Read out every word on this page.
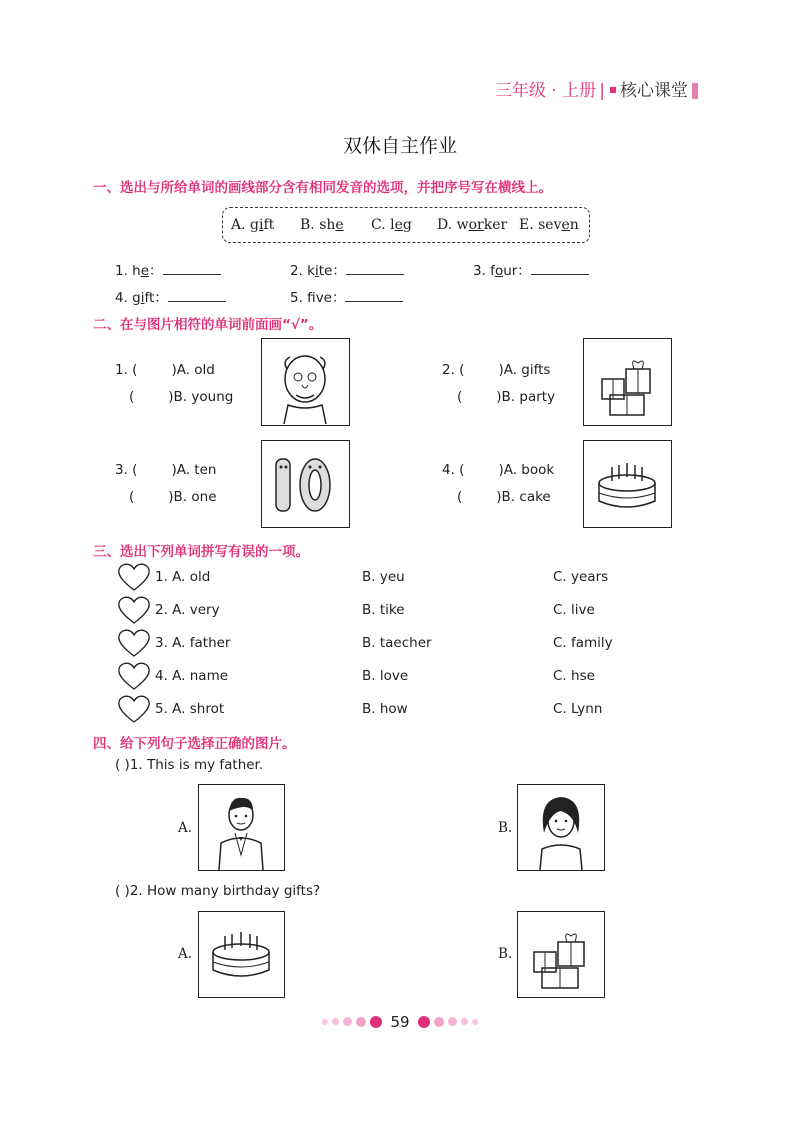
三年级 · 上册 | 核心课堂
双休自主作业
一、选出与所给单词的画线部分含有相同发音的选项，并把序号写在横线上。
A. gift B. she C. leg D. worker E. seven
1. he：	2. kite：	3. four：
4. gift：	5. fve：
二、在与图片相符的单词前面画“√”。
1. (	)A. old
(	)B. young
2. (	)A. gifts
(	)B. party
3. (	)A. ten
(	)B. one
4. (	)A. book
(	)B. cake
三、选出下列单词拼写有误的一项。
1. A. old	B. yeu	C. years
2. A. very	B. tike	C. live
3. A. father	B. taecher	C. family
4. A. name	B. love	C. hse
5. A. shrot	B. how	C. Lynn
四、给下列句子选择正确的图片。
( )1. This is my father.
A.	B.
( )2. How many birthday gifts?
A.	B.
59
